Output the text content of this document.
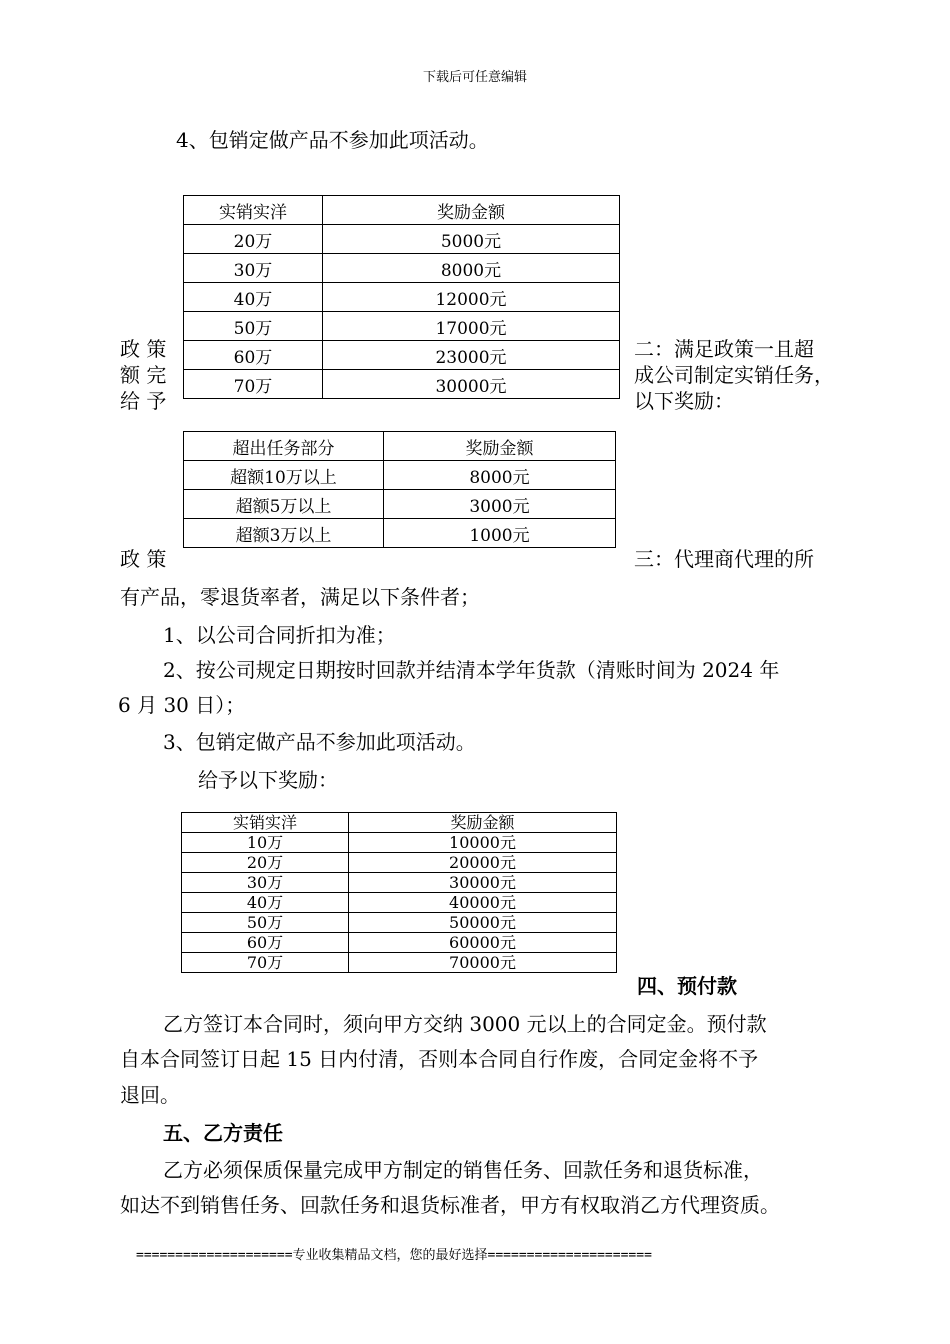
下载后可任意编辑
4、包销定做产品不参加此项活动。
实销实洋	奖励金额
20万	5000元
30万	8000元
40万	12000元
50万	17000元
60万	23000元
70万	30000元
政 策
额 完
给 予
二：满足政策一且超
成公司制定实销任务，
以下奖励：
超出任务部分	奖励金额
超额10万以上	8000元
超额5万以上	3000元
超额3万以上	1000元
政 策	三：代理商代理的所
有产品，零退货率者，满足以下条件者；
1、以公司合同折扣为准；
2、按公司规定日期按时回款并结清本学年货款（清账时间为 2024 年
6 月 30 日）；
3、包销定做产品不参加此项活动。
给予以下奖励：
实销实洋	奖励金额
10万	10000元
20万	20000元
30万	30000元
40万	40000元
50万	50000元
60万	60000元
70万	70000元
四、预付款
乙方签订本合同时，须向甲方交纳 3000 元以上的合同定金。预付款
自本合同签订日起 15 日内付清，否则本合同自行作废，合同定金将不予
退回。
五、乙方责任
乙方必须保质保量完成甲方制定的销售任务、回款任务和退货标准，
如达不到销售任务、回款任务和退货标准者，甲方有权取消乙方代理资质。
====================专业收集精品文档，您的最好选择=====================
